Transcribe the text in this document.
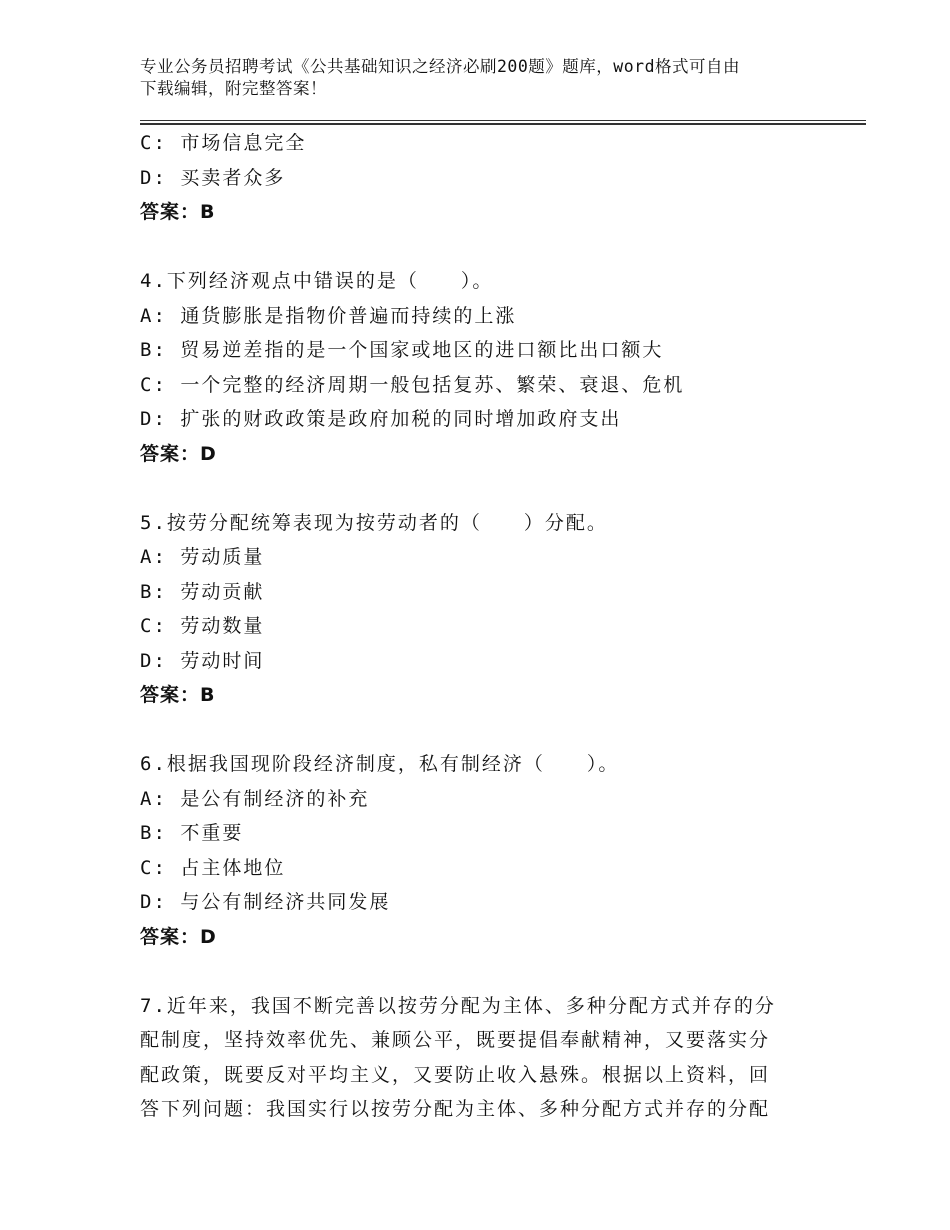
专业公务员招聘考试《公共基础知识之经济必刷200题》题库，word格式可自由
下载编辑，附完整答案！
C: 市场信息完全
D: 买卖者众多
答案：B
4.下列经济观点中错误的是（　　）。
A: 通货膨胀是指物价普遍而持续的上涨
B: 贸易逆差指的是一个国家或地区的进口额比出口额大
C: 一个完整的经济周期一般包括复苏、繁荣、衰退、危机
D: 扩张的财政政策是政府加税的同时增加政府支出
答案：D
5.按劳分配统筹表现为按劳动者的（　　）分配。
A: 劳动质量
B: 劳动贡献
C: 劳动数量
D: 劳动时间
答案：B
6.根据我国现阶段经济制度，私有制经济（　　）。
A: 是公有制经济的补充
B: 不重要
C: 占主体地位
D: 与公有制经济共同发展
答案：D
7.近年来，我国不断完善以按劳分配为主体、多种分配方式并存的分
配制度，坚持效率优先、兼顾公平，既要提倡奉献精神，又要落实分
配政策，既要反对平均主义，又要防止收入悬殊。根据以上资料，回
答下列问题：我国实行以按劳分配为主体、多种分配方式并存的分配
